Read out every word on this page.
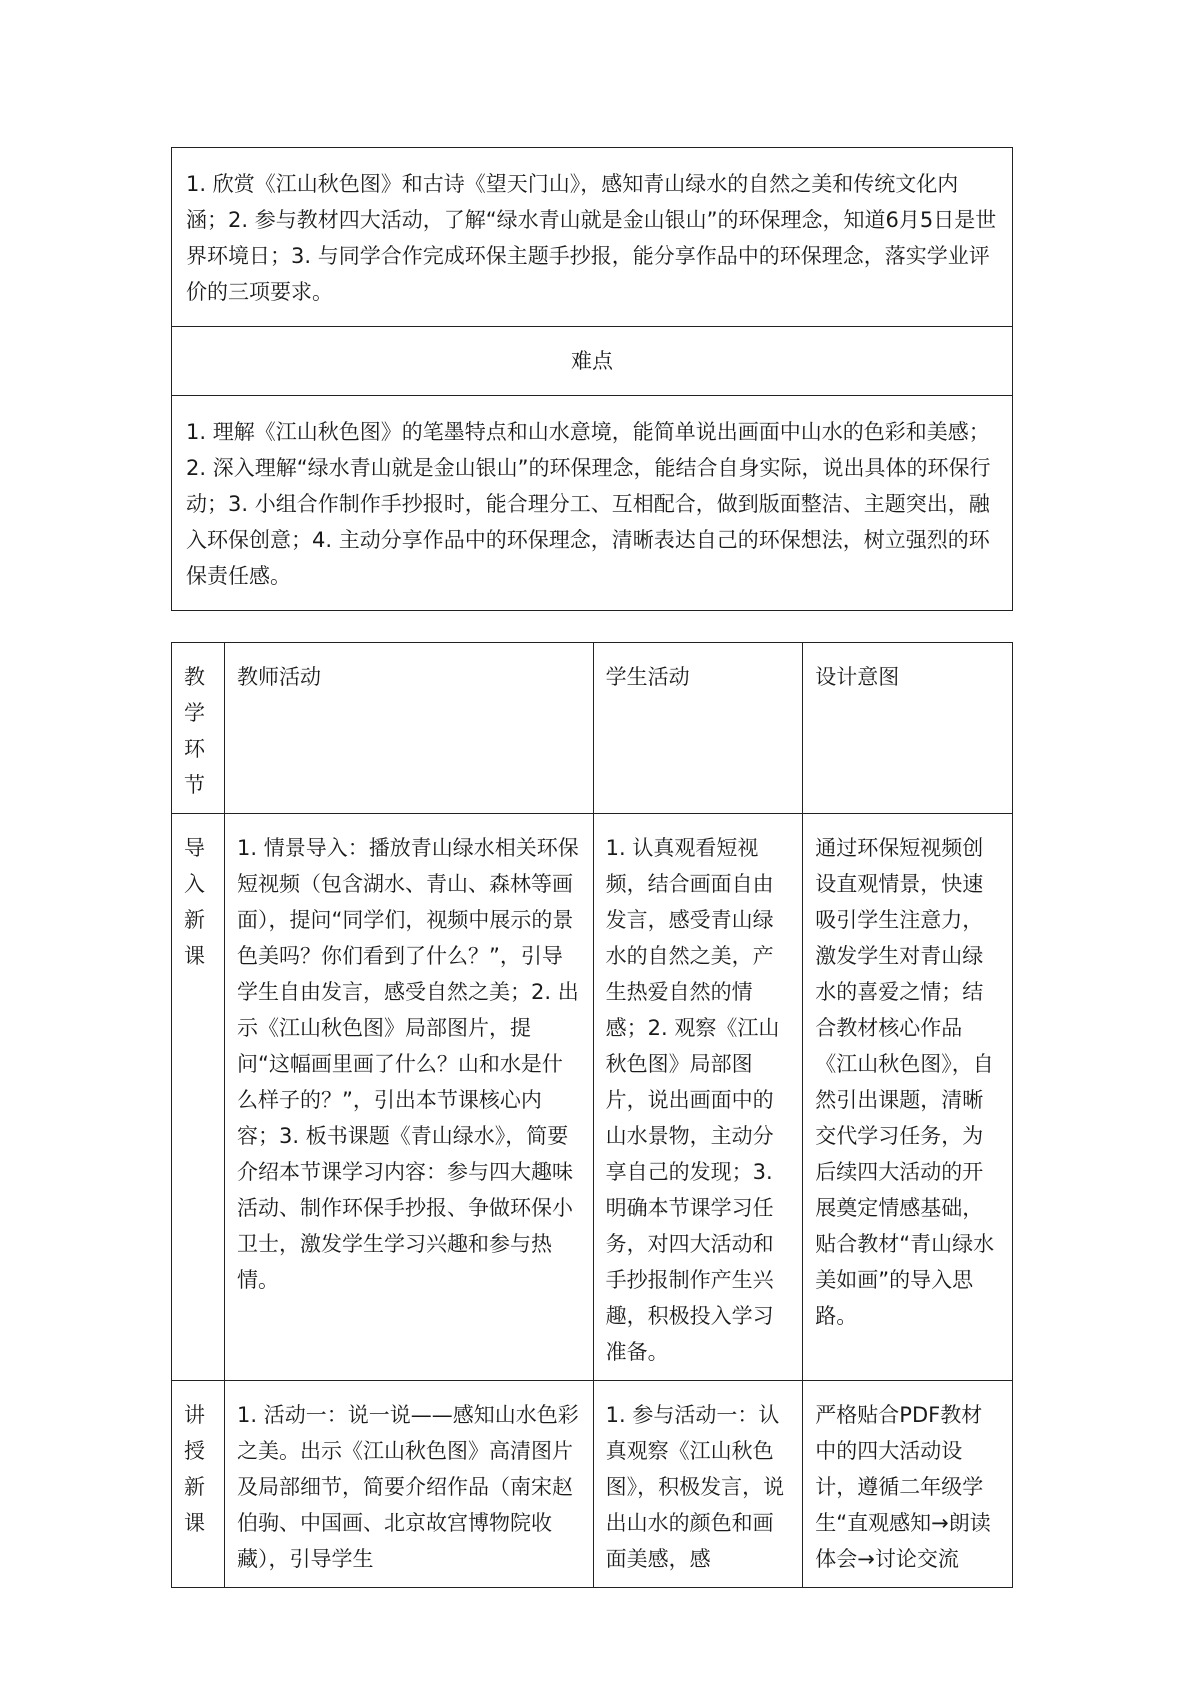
1. 欣赏《江山秋色图》和古诗《望天门山》，感知青山绿水的自然之美和传统文化内涵；2. 参与教材四大活动，了解“绿水青山就是金山银山”的环保理念，知道6月5日是世界环境日；3. 与同学合作完成环保主题手抄报，能分享作品中的环保理念，落实学业评价的三项要求。
难点
1. 理解《江山秋色图》的笔墨特点和山水意境，能简单说出画面中山水的色彩和美感；2. 深入理解“绿水青山就是金山银山”的环保理念，能结合自身实际，说出具体的环保行动；3. 小组合作制作手抄报时，能合理分工、互相配合，做到版面整洁、主题突出，融入环保创意；4. 主动分享作品中的环保理念，清晰表达自己的环保想法，树立强烈的环保责任感。
教学环节	教师活动	学生活动	设计意图
导入新课	1. 情景导入：播放青山绿水相关环保短视频（包含湖水、青山、森林等画面），提问“同学们，视频中展示的景色美吗？你们看到了什么？”，引导学生自由发言，感受自然之美；2. 出示《江山秋色图》局部图片，提问“这幅画里画了什么？山和水是什么样子的？”，引出本节课核心内容；3. 板书课题《青山绿水》，简要介绍本节课学习内容：参与四大趣味活动、制作环保手抄报、争做环保小卫士，激发学生学习兴趣和参与热情。	1. 认真观看短视频，结合画面自由发言，感受青山绿水的自然之美，产生热爱自然的情感；2. 观察《江山秋色图》局部图片，说出画面中的山水景物，主动分享自己的发现；3. 明确本节课学习任务，对四大活动和手抄报制作产生兴趣，积极投入学习准备。	通过环保短视频创设直观情景，快速吸引学生注意力，激发学生对青山绿水的喜爱之情；结合教材核心作品《江山秋色图》，自然引出课题，清晰交代学习任务，为后续四大活动的开展奠定情感基础，贴合教材“青山绿水美如画”的导入思路。
讲授新课	1. 活动一：说一说——感知山水色彩之美。出示《江山秋色图》高清图片及局部细节，简要介绍作品（南宋赵伯驹、中国画、北京故宫博物院收藏），引导学生	1. 参与活动一：认真观察《江山秋色图》，积极发言，说出山水的颜色和画面美感，感	严格贴合PDF教材中的四大活动设计，遵循二年级学生“直观感知→朗读体会→讨论交流
